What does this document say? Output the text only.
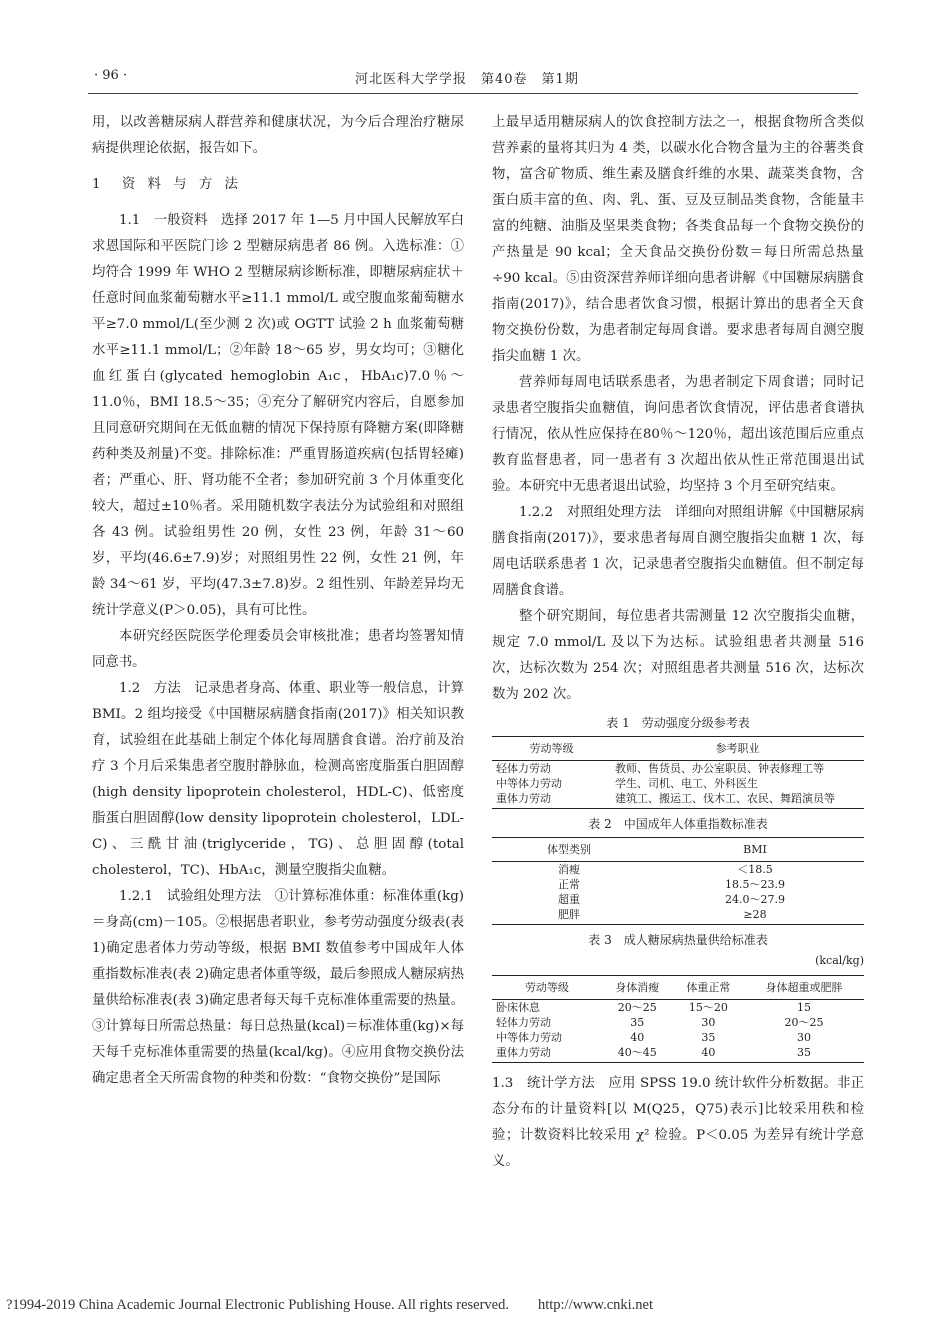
· 96 ·	河北医科大学学报　第40卷　第1期

用，以改善糖尿病人群营养和健康状况，为今后合理治疗糖尿病提供理论依据，报告如下。

1　资 料 与 方 法

1.1　一般资料　选择 2017 年 1—5 月中国人民解放军白求恩国际和平医院门诊 2 型糖尿病患者 86 例。入选标准：①均符合 1999 年 WHO 2 型糖尿病诊断标准，即糖尿病症状＋任意时间血浆葡萄糖水平≥11.1 mmol/L 或空腹血浆葡萄糖水平≥7.0 mmol/L(至少测 2 次)或 OGTT 试验 2 h 血浆葡萄糖水平≥11.1 mmol/L；②年龄 18～65 岁，男女均可；③糖化血红蛋白(glycated hemoglobin A₁c，HbA₁c)7.0％～11.0％，BMI 18.5～35；④充分了解研究内容后，自愿参加且同意研究期间在无低血糖的情况下保持原有降糖方案(即降糖药种类及剂量)不变。排除标准：严重胃肠道疾病(包括胃轻瘫)者；严重心、肝、肾功能不全者；参加研究前 3 个月体重变化较大，超过±10％者。采用随机数字表法分为试验组和对照组各 43 例。试验组男性 20 例，女性 23 例，年龄 31～60 岁，平均(46.6±7.9)岁；对照组男性 22 例，女性 21 例，年龄 34～61 岁，平均(47.3±7.8)岁。2 组性别、年龄差异均无统计学意义(P＞0.05)，具有可比性。

本研究经医院医学伦理委员会审核批准；患者均签署知情同意书。

1.2　方法　记录患者身高、体重、职业等一般信息，计算 BMI。2 组均接受《中国糖尿病膳食指南(2017)》相关知识教育，试验组在此基础上制定个体化每周膳食食谱。治疗前及治疗 3 个月后采集患者空腹肘静脉血，检测高密度脂蛋白胆固醇(high density lipoprotein cholesterol，HDL-C)、低密度脂蛋白胆固醇(low density lipoprotein cholesterol，LDL-C)、三酰甘油(triglyceride，TG)、总胆固醇(total cholesterol，TC)、HbA₁c，测量空腹指尖血糖。

1.2.1　试验组处理方法　①计算标准体重：标准体重(kg)＝身高(cm)－105。②根据患者职业，参考劳动强度分级表(表 1)确定患者体力劳动等级，根据 BMI 数值参考中国成年人体重指数标准表(表 2)确定患者体重等级，最后参照成人糖尿病热量供给标准表(表 3)确定患者每天每千克标准体重需要的热量。③计算每日所需总热量：每日总热量(kcal)＝标准体重(kg)×每天每千克标准体重需要的热量(kcal/kg)。④应用食物交换份法确定患者全天所需食物的种类和份数：“食物交换份”是国际

上最早适用糖尿病人的饮食控制方法之一，根据食物所含类似营养素的量将其归为 4 类，以碳水化合物含量为主的谷薯类食物，富含矿物质、维生素及膳食纤维的水果、蔬菜类食物，含蛋白质丰富的鱼、肉、乳、蛋、豆及豆制品类食物，含能量丰富的纯糖、油脂及坚果类食物；各类食品每一个食物交换份的产热量是 90 kcal；全天食品交换份份数＝每日所需总热量÷90 kcal。⑤由资深营养师详细向患者讲解《中国糖尿病膳食指南(2017)》，结合患者饮食习惯，根据计算出的患者全天食物交换份份数，为患者制定每周食谱。要求患者每周自测空腹指尖血糖 1 次。

营养师每周电话联系患者，为患者制定下周食谱；同时记录患者空腹指尖血糖值，询问患者饮食情况，评估患者食谱执行情况，依从性应保持在80％～120％，超出该范围后应重点教育监督患者，同一患者有 3 次超出依从性正常范围退出试验。本研究中无患者退出试验，均坚持 3 个月至研究结束。

1.2.2　对照组处理方法　详细向对照组讲解《中国糖尿病膳食指南(2017)》，要求患者每周自测空腹指尖血糖 1 次，每周电话联系患者 1 次，记录患者空腹指尖血糖值。但不制定每周膳食食谱。

整个研究期间，每位患者共需测量 12 次空腹指尖血糖，规定 7.0 mmol/L 及以下为达标。试验组患者共测量 516 次，达标次数为 254 次；对照组患者共测量 516 次，达标次数为 202 次。

表 1　劳动强度分级参考表
劳动等级	参考职业
轻体力劳动	教师、售货员、办公室职员、钟表修理工等
中等体力劳动	学生、司机、电工、外科医生
重体力劳动	建筑工、搬运工、伐木工、农民、舞蹈演员等
表 2　中国成年人体重指数标准表
体型类别	BMI
消瘦	＜18.5
正常	18.5～23.9
超重	24.0～27.9
肥胖	≥28
表 3　成人糖尿病热量供给标准表
(kcal/kg)
劳动等级	身体消瘦	体重正常	身体超重或肥胖
卧床休息	20～25	15～20	15
轻体力劳动	35	30	20～25
中等体力劳动	40	35	30
重体力劳动	40～45	40	35

1.3　统计学方法　应用 SPSS 19.0 统计软件分析数据。非正态分布的计量资料[以 M(Q25，Q75)表示]比较采用秩和检验；计数资料比较采用 χ² 检验。P＜0.05 为差异有统计学意义。

?1994-2019 China Academic Journal Electronic Publishing House. All rights reserved.　　http://www.cnki.net
